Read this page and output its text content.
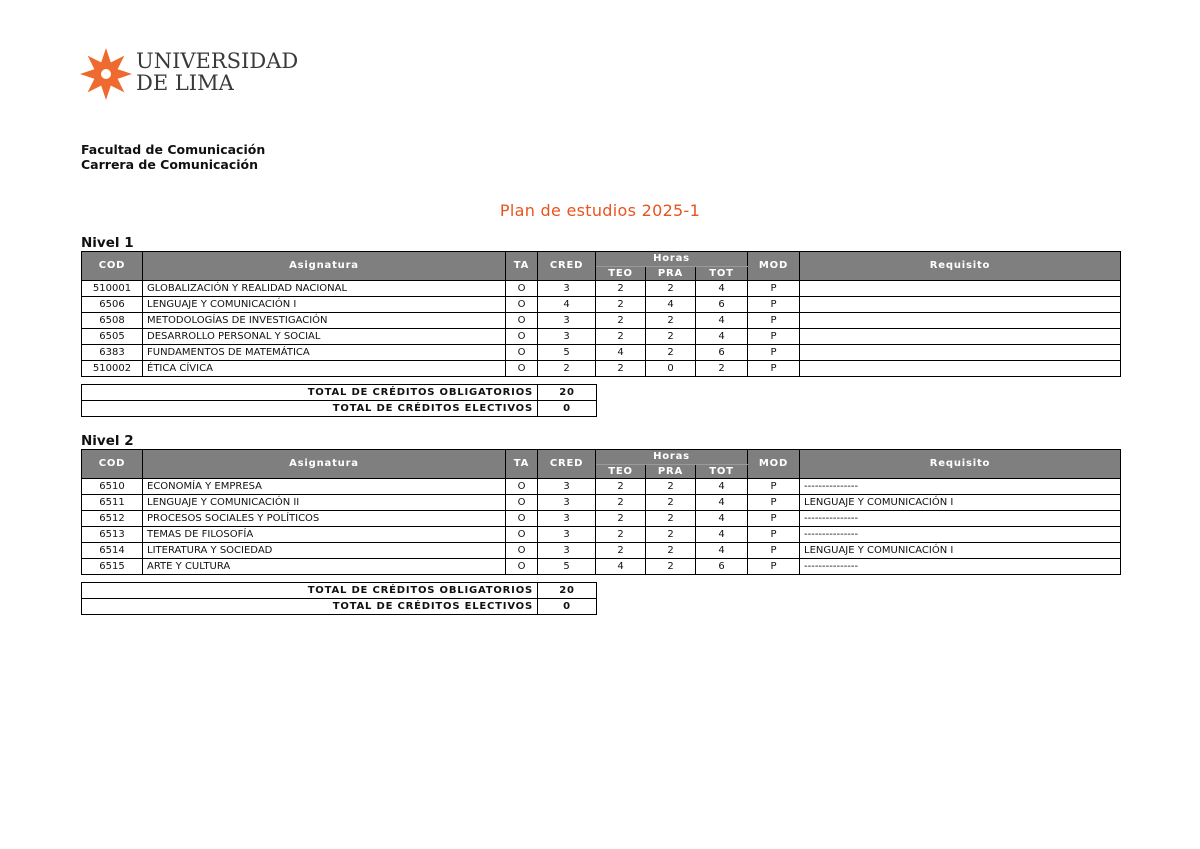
UNIVERSIDAD
DE LIMA
Facultad de Comunicación
Carrera de Comunicación
Plan de estudios 2025-1
Nivel 1
COD	Asignatura	TA	CRED	Horas			MOD	Requisito
				TEO	PRA	TOT		
510001	GLOBALIZACIÓN Y REALIDAD NACIONAL	O	3	2	2	4	P	
6506	LENGUAJE Y COMUNICACIÓN I	O	4	2	4	6	P	
6508	METODOLOGÍAS DE INVESTIGACIÓN	O	3	2	2	4	P	
6505	DESARROLLO PERSONAL Y SOCIAL	O	3	2	2	4	P	
6383	FUNDAMENTOS DE MATEMÁTICA	O	5	4	2	6	P	
510002	ÉTICA CÍVICA	O	2	2	0	2	P	
TOTAL DE CRÉDITOS OBLIGATORIOS	20
TOTAL DE CRÉDITOS ELECTIVOS	0
Nivel 2
COD	Asignatura	TA	CRED	Horas			MOD	Requisito
				TEO	PRA	TOT		
6510	ECONOMÍA Y EMPRESA	O	3	2	2	4	P	---------------
6511	LENGUAJE Y COMUNICACIÓN II	O	3	2	2	4	P	LENGUAJE Y COMUNICACIÓN I
6512	PROCESOS SOCIALES Y POLÍTICOS	O	3	2	2	4	P	---------------
6513	TEMAS DE FILOSOFÍA	O	3	2	2	4	P	---------------
6514	LITERATURA Y SOCIEDAD	O	3	2	2	4	P	LENGUAJE Y COMUNICACIÓN I
6515	ARTE Y CULTURA	O	5	4	2	6	P	---------------
TOTAL DE CRÉDITOS OBLIGATORIOS	20
TOTAL DE CRÉDITOS ELECTIVOS	0
